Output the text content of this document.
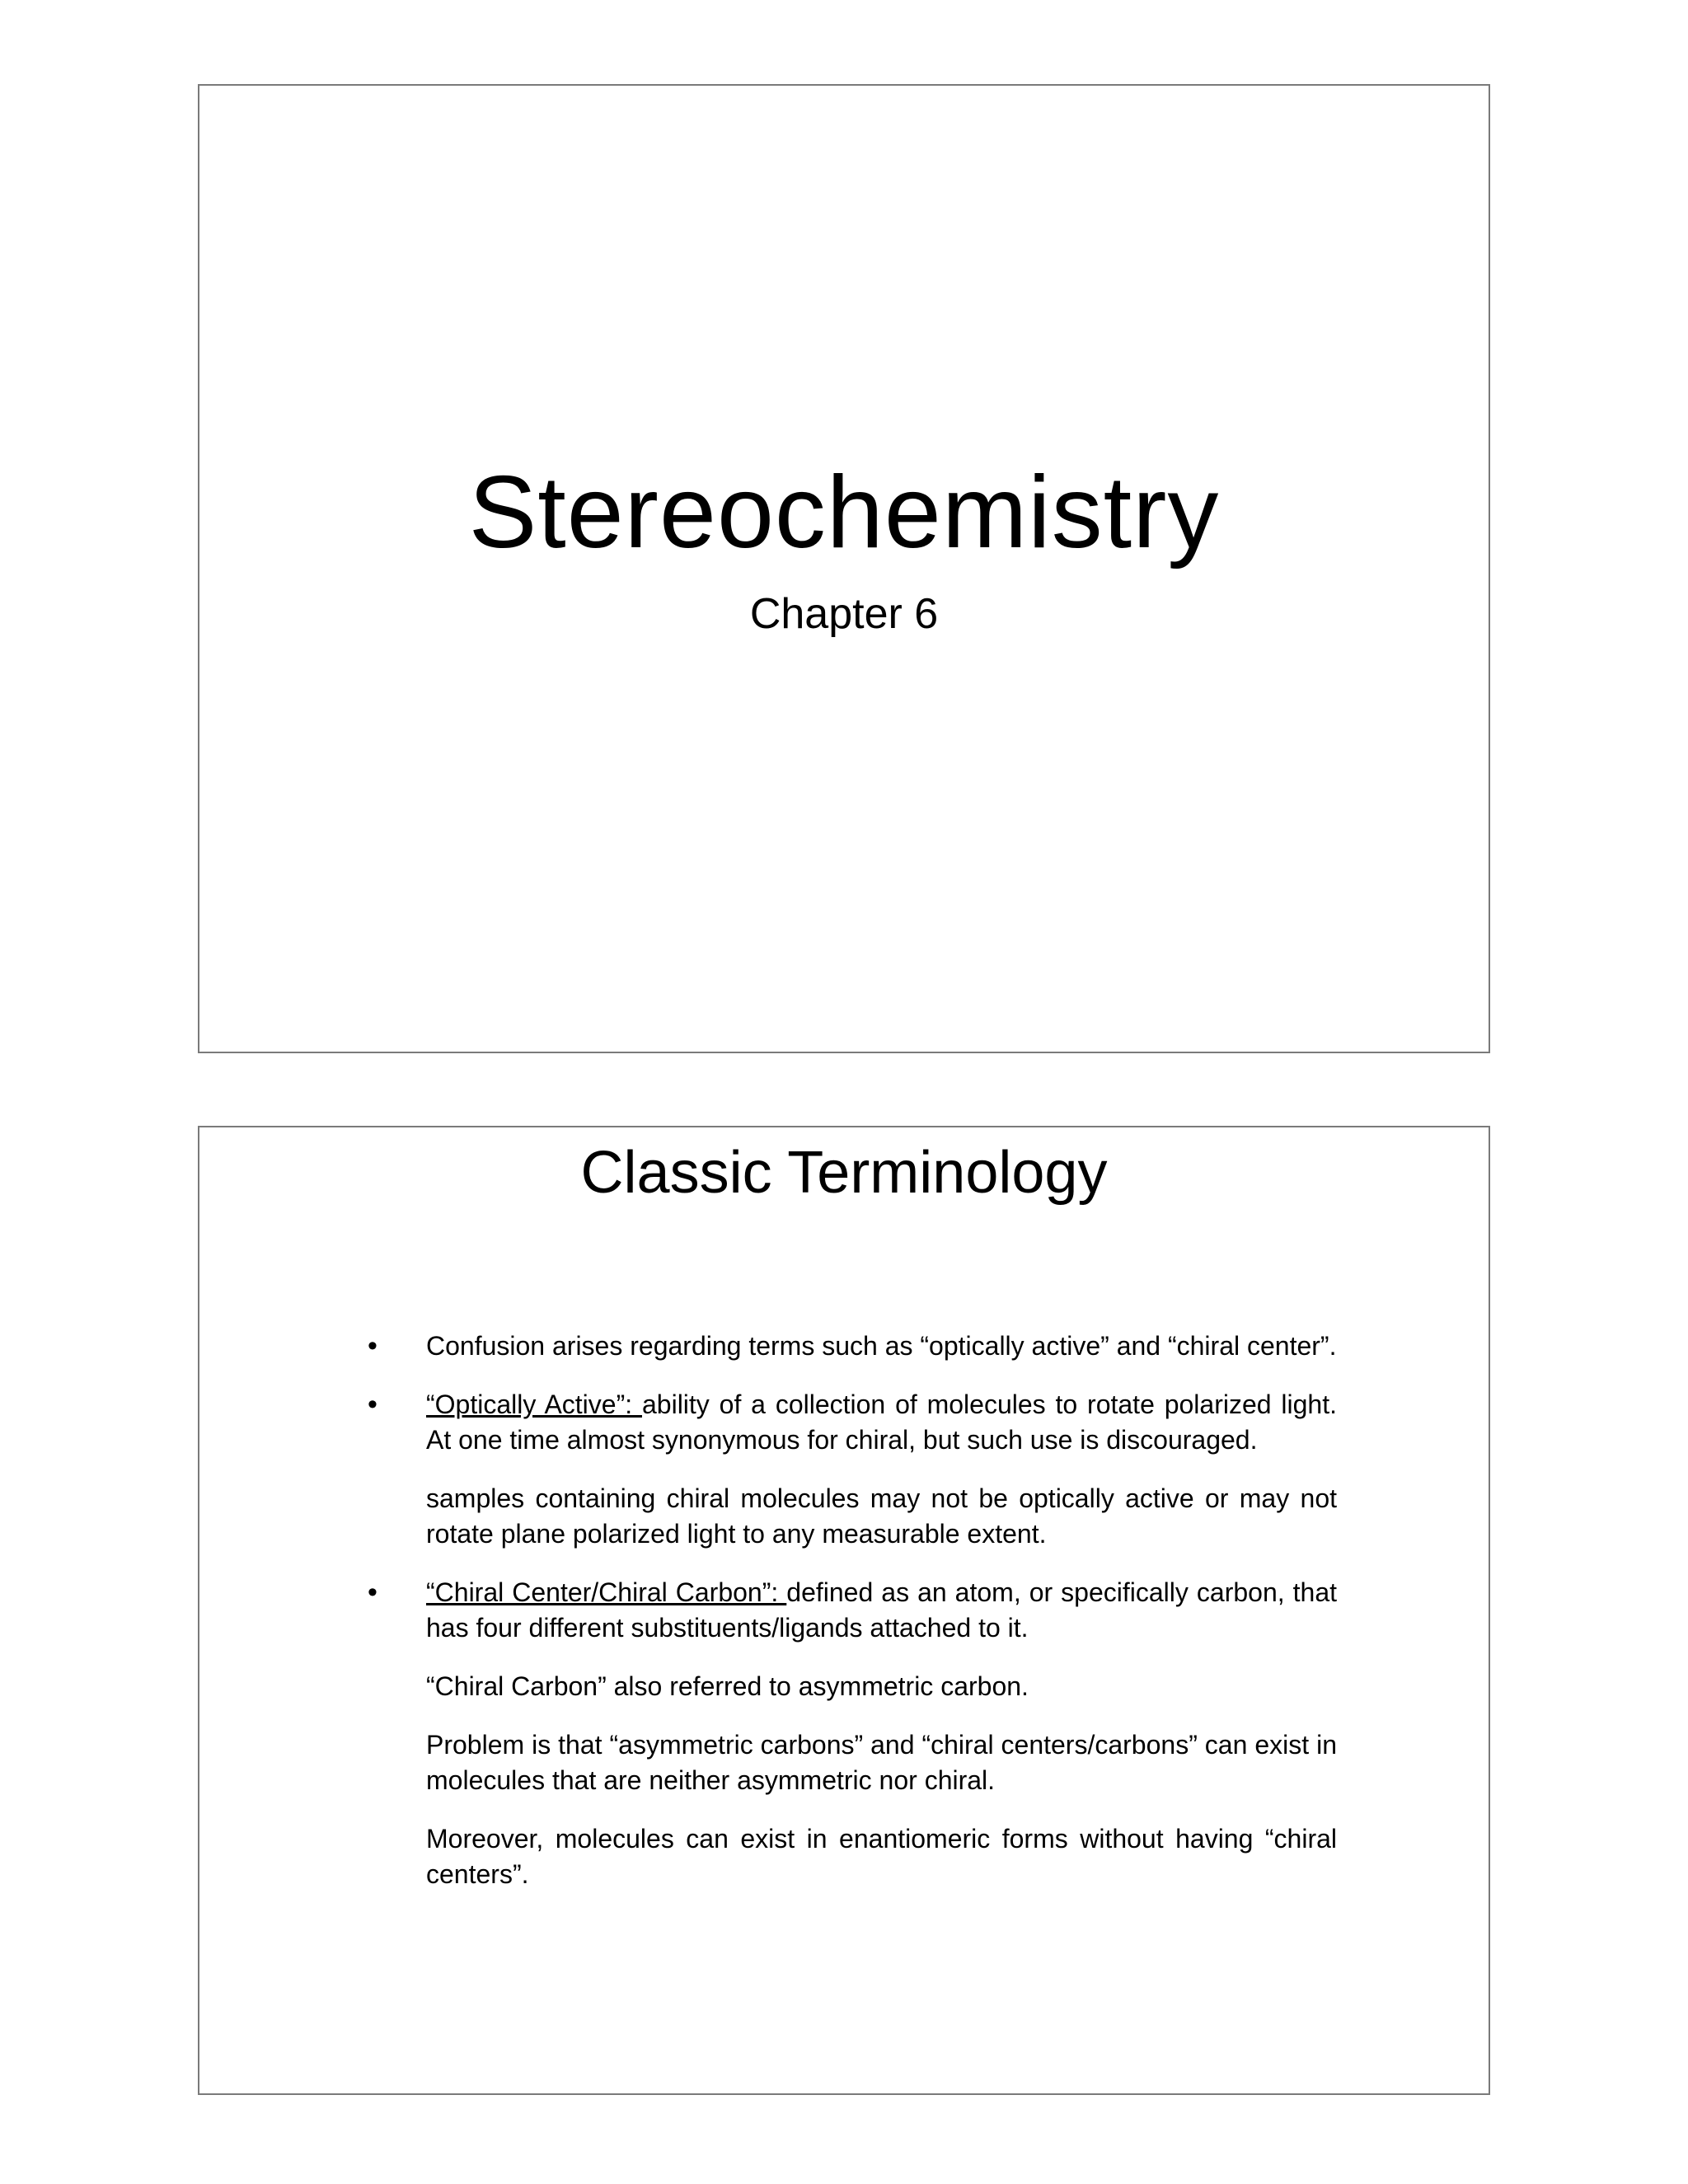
Stereochemistry
Chapter 6
Classic Terminology
• Confusion arises regarding terms such as “optically active” and “chiral center”.

• “Optically Active”: ability of a collection of molecules to rotate polarized light. At one time almost synonymous for chiral, but such use is discouraged.

samples containing chiral molecules may not be optically active or may not rotate plane polarized light to any measurable extent.

• “Chiral Center/Chiral Carbon”: defined as an atom, or specifically carbon, that has four different substituents/ligands attached to it.

“Chiral Carbon” also referred to asymmetric carbon.

Problem is that “asymmetric carbons” and “chiral centers/carbons” can exist in molecules that are neither asymmetric nor chiral.

Moreover, molecules can exist in enantiomeric forms without having “chiral centers”.
